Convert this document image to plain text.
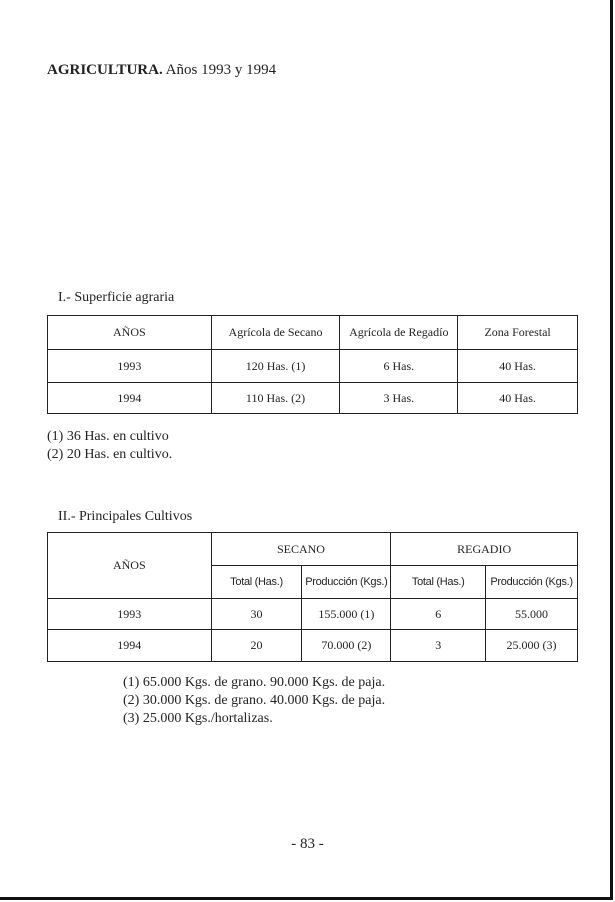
AGRICULTURA. Años 1993 y 1994
I.- Superficie agraria
AÑOS	Agrícola de Secano	Agrícola de Regadío	Zona Forestal
1993	120 Has. (1)	6 Has.	40 Has.
1994	110 Has. (2)	3 Has.	40 Has.
(1) 36 Has. en cultivo
(2) 20 Has. en cultivo.
II.- Principales Cultivos
AÑOS	SECANO		REGADIO	
	Total (Has.)	Producción (Kgs.)	Total (Has.)	Producción (Kgs.)
1993	30	155.000 (1)	6	55.000
1994	20	70.000 (2)	3	25.000 (3)
(1) 65.000 Kgs. de grano. 90.000 Kgs. de paja.
(2) 30.000 Kgs. de grano. 40.000 Kgs. de paja.
(3) 25.000 Kgs./hortalizas.
- 83 -
